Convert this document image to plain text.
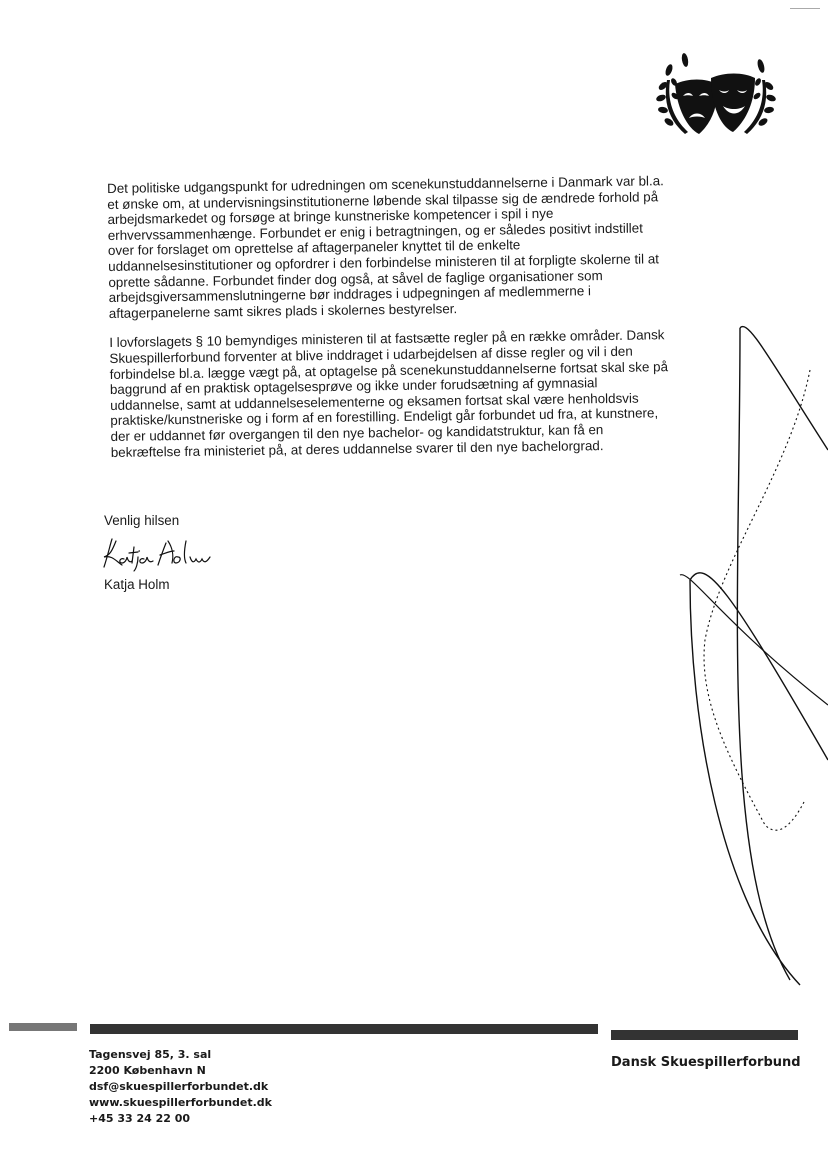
Det politiske udgangspunkt for udredningen om scenekunstuddannelserne i Danmark var bl.a. et ønske om, at undervisningsinstitutionerne løbende skal tilpasse sig de ændrede forhold på arbejdsmarkedet og forsøge at bringe kunstneriske kompetencer i spil i nye erhvervssammenhænge. Forbundet er enig i betragtningen, og er således positivt indstillet over for forslaget om oprettelse af aftagerpaneler knyttet til de enkelte uddannelsesinstitutioner og opfordrer i den forbindelse ministeren til at forpligte skolerne til at oprette sådanne. Forbundet finder dog også, at såvel de faglige organisationer som arbejdsgiversammenslutningerne bør inddrages i udpegningen af medlemmerne i aftagerpanelerne samt sikres plads i skolernes bestyrelser.

I lovforslagets § 10 bemyndiges ministeren til at fastsætte regler på en række områder. Dansk Skuespillerforbund forventer at blive inddraget i udarbejdelsen af disse regler og vil i den forbindelse bl.a. lægge vægt på, at optagelse på scenekunstuddannelserne fortsat skal ske på baggrund af en praktisk optagelsesprøve og ikke under forudsætning af gymnasial uddannelse, samt at uddannelseselementerne og eksamen fortsat skal være henholdsvis praktiske/kunstneriske og i form af en forestilling. Endeligt går forbundet ud fra, at kunstnere, der er uddannet før overgangen til den nye bachelor- og kandidatstruktur, kan få en bekræftelse fra ministeriet på, at deres uddannelse svarer til den nye bachelorgrad.

Venlig hilsen
Katja Holm
Tagensvej 85, 3. sal
2200 København N
dsf@skuespillerforbundet.dk
www.skuespillerforbundet.dk
+45 33 24 22 00
Dansk Skuespillerforbund
